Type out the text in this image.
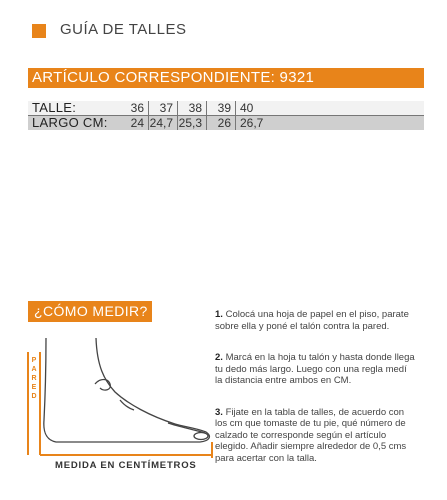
GUÍA DE TALLES
ARTÍCULO CORRESPONDIENTE: 9321
TALLE:	36	37	38	39	40	
LARGO CM:	24	24,7	25,3	26	26,7	
¿CÓMO MEDIR?	1. Colocá una hoja de papel en el piso, parate sobre ella y poné el talón contra la pared.
2. Marcá en la hoja tu talón y hasta donde llega tu dedo más largo. Luego con una regla medí la distancia entre ambos en CM.
3. Fijate en la tabla de talles, de acuerdo con los cm que tomaste de tu pie, qué número de calzado te corresponde según el artículo elegido. Añadir siempre alrededor de 0,5 cms para acertar con la talla.
P
A
R
E
D
MEDIDA EN CENTÍMETROS
